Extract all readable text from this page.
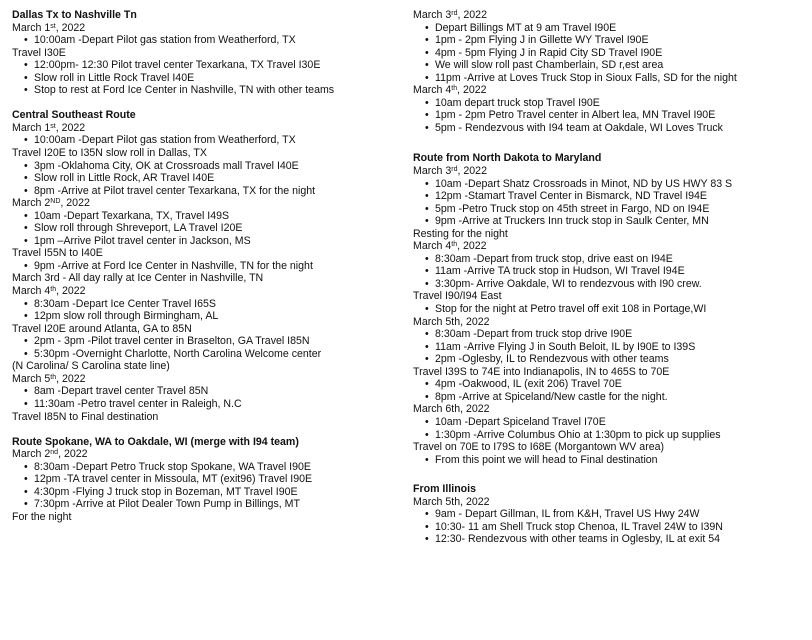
Dallas Tx to Nashville Tn
March 1st, 2022
• 10:00am -Depart Pilot gas station from Weatherford, TX
Travel I30E
• 12:00pm- 12:30 Pilot travel center Texarkana, TX Travel I30E
• Slow roll in Little Rock Travel I40E
• Stop to rest at Ford Ice Center in Nashville, TN with other teams
Central Southeast Route
March 1st, 2022
• 10:00am -Depart Pilot gas station from Weatherford, TX
Travel I20E to I35N slow roll in Dallas, TX
• 3pm -Oklahoma City, OK at Crossroads mall Travel I40E
• Slow roll in Little Rock, AR Travel I40E
• 8pm -Arrive at Pilot travel center Texarkana, TX for the night
March 2ND, 2022
• 10am -Depart Texarkana, TX, Travel I49S
• Slow roll through Shreveport, LA Travel I20E
• 1pm –Arrive Pilot travel center in Jackson, MS
Travel I55N to I40E
• 9pm -Arrive at Ford Ice Center in Nashville, TN for the night
March 3rd - All day rally at Ice Center in Nashville, TN
March 4th, 2022
• 8:30am -Depart Ice Center Travel I65S
• 12pm slow roll through Birmingham, AL
Travel I20E around Atlanta, GA to 85N
• 2pm - 3pm -Pilot travel center in Braselton, GA Travel I85N
• 5:30pm -Overnight Charlotte, North Carolina Welcome center
(N Carolina/ S Carolina state line)
March 5th, 2022
• 8am -Depart travel center Travel 85N
• 11:30am -Petro travel center in Raleigh, N.C
Travel I85N to Final destination
Route Spokane, WA to Oakdale, WI (merge with I94 team)
March 2nd, 2022
• 8:30am -Depart Petro Truck stop Spokane, WA Travel I90E
• 12pm -TA travel center in Missoula, MT (exit96) Travel I90E
• 4:30pm -Flying J truck stop in Bozeman, MT Travel I90E
• 7:30pm -Arrive at Pilot Dealer Town Pump in Billings, MT
For the night
March 3rd, 2022
• Depart Billings MT at 9 am Travel I90E
• 1pm - 2pm Flying J in Gillette WY Travel I90E
• 4pm - 5pm Flying J in Rapid City SD Travel I90E
• We will slow roll past Chamberlain, SD r,est area
• 11pm -Arrive at Loves Truck Stop in Sioux Falls, SD for the night
March 4th, 2022
• 10am depart truck stop Travel I90E
• 1pm - 2pm Petro Travel center in Albert lea, MN Travel I90E
• 5pm - Rendezvous with I94 team at Oakdale, WI Loves Truck
Route from North Dakota to Maryland
March 3rd, 2022
• 10am -Depart Shatz Crossroads in Minot, ND by US HWY 83 S
• 12pm -Stamart Travel Center in Bismarck, ND Travel I94E
• 5pm -Petro Truck stop on 45th street in Fargo, ND on I94E
• 9pm -Arrive at Truckers Inn truck stop in Saulk Center, MN
Resting for the night
March 4th, 2022
• 8:30am -Depart from truck stop, drive east on I94E
• 11am -Arrive TA truck stop in Hudson, WI Travel I94E
• 3:30pm- Arrive Oakdale, WI to rendezvous with I90 crew.
Travel I90/I94 East
• Stop for the night at Petro travel off exit 108 in Portage,WI
March 5th, 2022
• 8:30am -Depart from truck stop drive I90E
• 11am -Arrive Flying J in South Beloit, IL by I90E to I39S
• 2pm -Oglesby, IL to Rendezvous with other teams
Travel I39S to 74E into Indianapolis, IN to 465S to 70E
• 4pm -Oakwood, IL (exit 206) Travel 70E
• 8pm -Arrive at Spiceland/New castle for the night.
March 6th, 2022
• 10am -Depart Spiceland Travel I70E
• 1:30pm -Arrive Columbus Ohio at 1:30pm to pick up supplies
Travel on 70E to I79S to I68E (Morgantown WV area)
• From this point we will head to Final destination
From Illinois
March 5th, 2022
• 9am - Depart Gillman, IL from K&H, Travel US Hwy 24W
• 10:30- 11 am Shell Truck stop Chenoa, IL Travel 24W to I39N
• 12:30- Rendezvous with other teams in Oglesby, IL at exit 54
